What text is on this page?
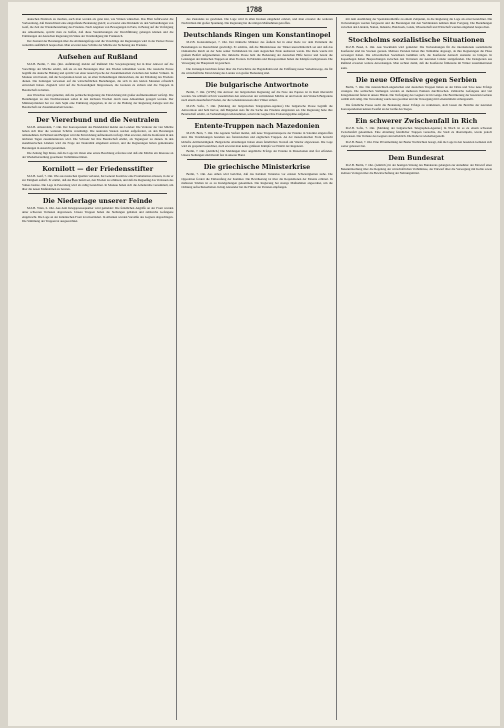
1788
deutschen Eindruck zu machen, auch man werden als ganz klar, wie Wirken wünschen. Das Blatt befürwortet die Vorbereitung, daß Deutschland eine eingreifende Bedeutung gleich; es erwartet eine Rückkehr zu den Verhandlungen von Genf, die Zeit der Wiederherstellung des Friedens. Nach Angaben von Bewegungen in Paris, in Bezug auf die Verfolgung des Abkommens, spricht man zu hoffen, daß diese Vereinbarungen zur Durchführung gelangen können und die Erklärungen der deutschen Regierung im Sinne der Verständigung mit Frankreich.
Der Zustand der Beratungen über die Abrüstungsfrage und die Vorschläge der Regierungen wird in der Pariser Presse weiterhin ausführlich besprochen. Man erwartet neue Schritte der Mächte zur Sicherung des Friedens.
Aufsehen auf Rußland
M.Z.B. Berlin, 7. Okt. (Rot. Aufklärung) meldet auf Rußland: Die Sowjetregierung hat in ihrer Antwort auf die Vorschläge der Mächte erklärt, daß sie an den Beratungen über den Frieden teilnehmen werde. Die russische Presse begrüßt die deutsche Haltung und spricht von einer neuen Epoche der Zusammenarbeit zwischen den beiden Völkern. In Moskau wird betont, daß die Sowjetunion bereit sei, an allen Verhandlungen mitzuwirken, die der Erhaltung des Friedens dienen. Die Zeitungen verweisen auf die wirtschaftlichen Beziehungen, die sich in den letzten Monaten erfreulich entwickelt haben. Zugleich wird auf die Notwendigkeit hingewiesen, die Grenzen zu sichern und die Truppen in Bereitschaft zu halten.
Aus Warschau wird gemeldet, daß die polnische Regierung die Entwicklung mit großer Aufmerksamkeit verfolgt. Die Beziehungen zu den Nachbarstaaten sollen in den nächsten Wochen durch neue Abkommen geregelt werden. Der Ministerpräsident hat vor dem Sejm eine Erklärung abgegeben, in der er die Haltung der Regierung darlegte und die Bereitschaft zur Zusammenarbeit betonte.
Der Viererbund und die Neutralen
M.Z.B. Amsterdam, 7. Okt. Der Korrespondent des Handelsblad meldet aus London: Die Vertreter der vier Mächte haben sich über die weiteren Schritte verständigt. Die neutralen Staaten werden aufgefordert, an den Beratungen teilzunehmen. In Holland und Belgien wird die Entwicklung aufmerksam verfolgt. Man erwartet, daß die Konferenz in den nächsten Tagen zusammentreten wird. Die Schweiz hat ihre Bereitschaft erklärt, als Tagungsort zu dienen. In den skandinavischen Ländern wird die Frage der Neutralität eingehend erörtert, und die Regierungen haben gemeinsame Beratungen in Aussicht genommen.
Die Zeitung fügt hinzu, daß die Lage im Osten eine ernste Beachtung erfordere und daß alle Mächte ein Interesse an der Wiederherstellung geordneter Verhältnisse hätten.
Kornilott — der Friedensstifter
M.Z.B. Genf, 7. Okt. Wie aus russischen Quellen verlautet, hat General Kornilow eine Proklamation erlassen, in der er zur Einigkeit aufruft. Er erklärt, daß das Heer bereit sei, den Frieden zu schützen, und daß die Regierung das Vertrauen des Volkes besitze. Die Lage in Petersburg wird als ruhig bezeichnet. In Moskau haben sich die Arbeiterräte versammelt, um über die neuen Maßnahmen zu beraten.
Die Niederlage unserer Feinde
M.Z.B. Wien, 6. Okt. Aus dem Kriegspressequartier wird gemeldet: Die feindlichen Angriffe an der Front wurden unter schweren Verlusten abgewiesen. Unsere Truppen haben die Stellungen gehalten und zahlreiche Gefangene eingebracht. Die Lage an der italienischen Front ist unverändert. In Albanien wurden Vorstöße des Gegners abgeschlagen. Die Stimmung der Truppen ist ausgezeichnet.
des Zustandes zu gewinnen. Die Lage wird in allen Kreisen eingehend erörtert, und man erwartet die weiteren Nachrichten mit großer Spannung. Die Regierung hat die nötigen Maßnahmen getroffen.
Deutschlands Ringen um Konstantinopel
M.Z.B. Konstantinopel, 7. Okt. Der türkische Minister des Äußern hat in einer Rede vor dem Parlament die Beziehungen zu Deutschland gewürdigt. Er erklärte, daß die Bündnistreue der Türkei unerschütterlich sei und daß das Osmanische Reich an der Seite seiner Verbündeten bis zum siegreichen Ende ausharren werde. Die Rede wurde mit großem Beifall aufgenommen. Die türkische Presse hebt die Bedeutung der deutschen Hilfe hervor und betont die Leistungen der türkischen Truppen an allen Fronten. In Palästina und Mesopotamien haben die Kämpfe nachgelassen. Die Versorgung der Hauptstadt ist gesichert.
Die Zeitungen berichten ferner über die Fortschritte der Bagdadbahn und die Eröffnung neuer Verkehrswege, die für die wirtschaftliche Entwicklung des Landes von großer Bedeutung sind.
Die bulgarische Antwortnote
Berlin, 7. Okt. (WTB.) Die Antwort der bulgarischen Regierung auf die Note des Papstes ist in Rom überreicht worden. Sie schließt sich im wesentlichen den Antworten der verbündeten Mächte an und betont den Wunsch Bulgariens nach einem dauerhaften Frieden, der die Lebensinteressen aller Völker sichert.
M.Z.B. Sofia, 7. Okt. (Meldung der bulgarischen Telegraphen-Agentur.) Die bulgarische Presse begrüßt die Antwortnote und hebt hervor, daß Bulgarien stets für die Sache des Friedens eingetreten sei. Die Regierung habe ihre Bereitschaft erklärt, an Verhandlungen teilzunehmen, sobald die Gegner ihre Eroberungspläne aufgeben.
Entente-Truppen nach Mazedonien
M.Z.B. Bern, 7. Okt. Die Agenzia Stefani meldet, daß neue Truppentransporte der Entente in Saloniki eingetroffen sind. Die Verstärkungen bestehen aus französischen und englischen Truppen. An der mazedonischen Front herrscht lebhafte Artillerietätigkeit. Bulgarische Abteilungen haben einen feindlichen Vorstoß am Wardar abgewiesen. Die Lage wird als gespannt bezeichnet, doch erwartet man keine größeren Kämpfe vor Eintritt der Regenzeit.
Berlin, 7. Okt. (Amtlich.) Die Meldungen über angebliche Erfolge der Entente in Mazedonien sind frei erfunden. Unsere Stellungen sind überall fest in unserer Hand.
Die griechische Ministerkrise
Berlin, 7. Okt. Aus Athen wird berichtet, daß das Kabinett Venizelos vor ernsten Schwierigkeiten stehe. Die Opposition fordert die Einberufung der Kammer. Die Bevölkerung ist über die Requisitionen der Entente erbittert. In mehreren Städten ist es zu Kundgebungen gekommen. Die Regierung hat strenge Maßnahmen angeordnet, um die Ordnung aufrechtzuerhalten. König Alexander hat die Führer der Parteien empfangen.
mit dem Ausbildung der Spezialstreitkräfte zu einem Zeitpunkt, da die Regierung die Lage als ernst bezeichnet. Die Vorbereitungen werden fortgesetzt und die Beratungen mit den Verbündeten nehmen ihren Fortgang. Die Beziehungen zwischen den Ländern, Nation, Industrie, Handwerk, Lande, Wissenschaft und Wirtschaft wurden eingehend besprochen.
Stockholms sozialistische Situationen
M.Z.B. Basel, 6. Okt. Aus Stockholm wird gemeldet: Die Vorbereitungen für die internationale sozialistische Konferenz sind ins Stocken geraten. Mehrere Parteien haben ihre Teilnahme abgesagt, da ihre Regierungen die Pässe verweigert haben. Die schwedischen Sozialisten bemühen sich, die Konferenz dennoch zustande zu bringen. In Kopenhagen haben Besprechungen zwischen den Vertretern der neutralen Länder stattgefunden. Die Delegierten aus Rußland erwarten weitere Anweisungen. Man rechnet damit, daß die Konferenz frühestens im Winter zusammentreten kann.
Die neue Offensive gegen Serbien
Berlin, 7. Okt. Die österreichisch-ungarischen und deutschen Truppen haben an der Drina und Save neue Erfolge errungen. Die serbischen Stellungen wurden an mehreren Punkten durchbrochen. Zahlreiche Gefangene und viel Kriegsmaterial fielen in unsere Hände. Die Verfolgung des Gegners ist im Gange. Die Bevölkerung der besetzten Gebiete verhält sich ruhig. Die Verwaltung wurde neu geordnet und die Versorgung mit Lebensmitteln sichergestellt.
Die feindliche Presse sucht die Bedeutung dieser Erfolge zu verkleinern, doch lassen die Berichte der neutralen Korrespondenten keinen Zweifel an der Größe des Sieges.
Ein schwerer Zwischenfall in Rich
M.Z.B. Sofia, 7. Okt. (Meldung der bulgarischen Telegraphen-Agentur.) In Nisch ist es zu einem schweren Zwischenfall gekommen. Eine Abteilung feindlicher Truppen versuchte, die Stadt zu überrumpeln, wurde jedoch abgewiesen. Die Verluste des Gegners sind erheblich. Die Ruhe ist wiederhergestellt.
M.Z.B. Basel, 7. Okt. Eine Privatmeldung der Basler Nachrichten besagt, daß die Lage in den besetzten Gebieten sich weiter gebessert hat.
Dem Bundesrat
M.Z.B. Berlin, 7. Okt. (Amtlich.) In der heutigen Sitzung des Bundesrats gelangten zur Annahme: der Entwurf einer Bekanntmachung über die Regelung der wirtschaftlichen Verhältnisse, der Entwurf über die Versorgung mit Kohle sowie mehrere Vorlagen über die Bewirtschaftung der Nahrungsmittel.
